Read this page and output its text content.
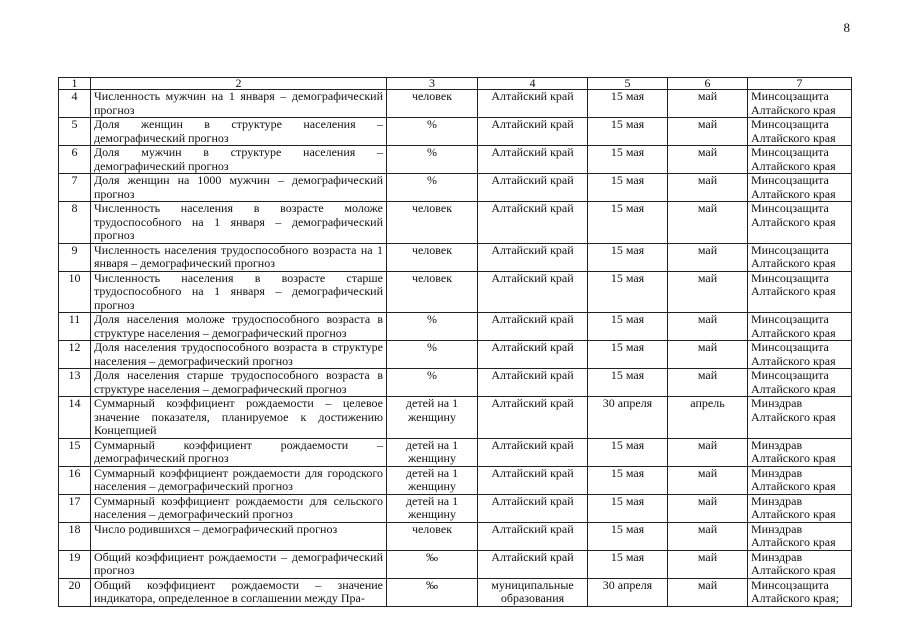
8
1	2	3	4	5	6	7
4	Численность мужчин на 1 января – демографический прогноз	человек	Алтайский край	15 мая	май	Минсоцзащита Алтайского края
5	Доля женщин в структуре населения – демографический прогноз	%	Алтайский край	15 мая	май	Минсоцзащита Алтайского края
6	Доля мужчин в структуре населения – демографический прогноз	%	Алтайский край	15 мая	май	Минсоцзащита Алтайского края
7	Доля женщин на 1000 мужчин – демографический прогноз	%	Алтайский край	15 мая	май	Минсоцзащита Алтайского края
8	Численность населения в возрасте моложе трудоспособного на 1 января – демографический прогноз	человек	Алтайский край	15 мая	май	Минсоцзащита Алтайского края
9	Численность населения трудоспособного возраста на 1 января – демографический прогноз	человек	Алтайский край	15 мая	май	Минсоцзащита Алтайского края
10	Численность населения в возрасте старше трудоспособного на 1 января – демографический прогноз	человек	Алтайский край	15 мая	май	Минсоцзащита Алтайского края
11	Доля населения моложе трудоспособного возраста в структуре населения – демографический прогноз	%	Алтайский край	15 мая	май	Минсоцзащита Алтайского края
12	Доля населения трудоспособного возраста в структуре населения – демографический прогноз	%	Алтайский край	15 мая	май	Минсоцзащита Алтайского края
13	Доля населения старше трудоспособного возраста в структуре населения – демографический прогноз	%	Алтайский край	15 мая	май	Минсоцзащита Алтайского края
14	Суммарный коэффициент рождаемости – целевое значение показателя, планируемое к достижению Концепцией	детей на 1 женщину	Алтайский край	30 апреля	апрель	Минздрав Алтайского края
15	Суммарный коэффициент рождаемости – демографический прогноз	детей на 1 женщину	Алтайский край	15 мая	май	Минздрав Алтайского края
16	Суммарный коэффициент рождаемости для городского населения – демографический прогноз	детей на 1 женщину	Алтайский край	15 мая	май	Минздрав Алтайского края
17	Суммарный коэффициент рождаемости для сельского населения – демографический прогноз	детей на 1 женщину	Алтайский край	15 мая	май	Минздрав Алтайского края
18	Число родившихся – демографический прогноз	человек	Алтайский край	15 мая	май	Минздрав Алтайского края
19	Общий коэффициент рождаемости – демографический прогноз	‰	Алтайский край	15 мая	май	Минздрав Алтайского края
20	Общий коэффициент рождаемости – значение индикатора, определенное в соглашении между Пра-	‰	муниципальные образования	30 апреля	май	Минсоцзащита Алтайского края;
